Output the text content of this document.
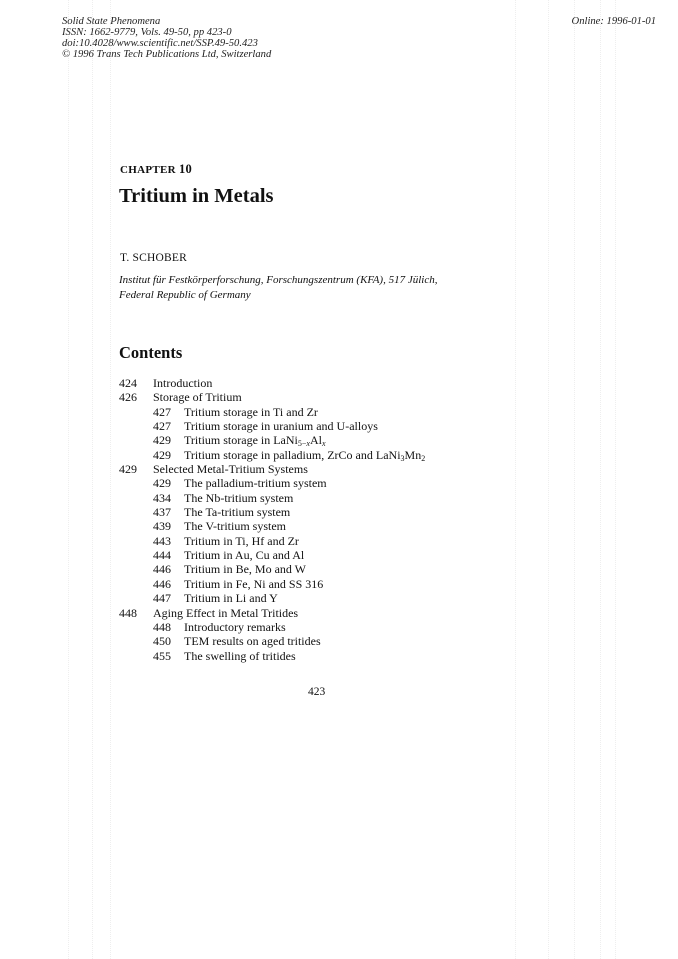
Solid State Phenomena
ISSN: 1662-9779, Vols. 49-50, pp 423-0
doi:10.4028/www.scientific.net/SSP.49-50.423
© 1996 Trans Tech Publications Ltd, Switzerland
Online: 1996-01-01
CHAPTER 10
Tritium in Metals
T. SCHOBER
Institut für Festkörperforschung, Forschungszentrum (KFA), 517 Jülich,
Federal Republic of Germany
Contents
424 Introduction
426 Storage of Tritium
427 Tritium storage in Ti and Zr
427 Tritium storage in uranium and U-alloys
429 Tritium storage in $LaNi_{5-x}Al_x$
429 Tritium storage in palladium, ZrCo and $LaNi_3Mn_2$
429 Selected Metal-Tritium Systems
429 The palladium-tritium system
434 The Nb-tritium system
437 The Ta-tritium system
439 The V-tritium system
443 Tritium in Ti, Hf and Zr
444 Tritium in Au, Cu and Al
446 Tritium in Be, Mo and W
446 Tritium in Fe, Ni and SS 316
447 Tritium in Li and Y
448 Aging Effect in Metal Tritides
448 Introductory remarks
450 TEM results on aged tritides
455 The swelling of tritides
423
